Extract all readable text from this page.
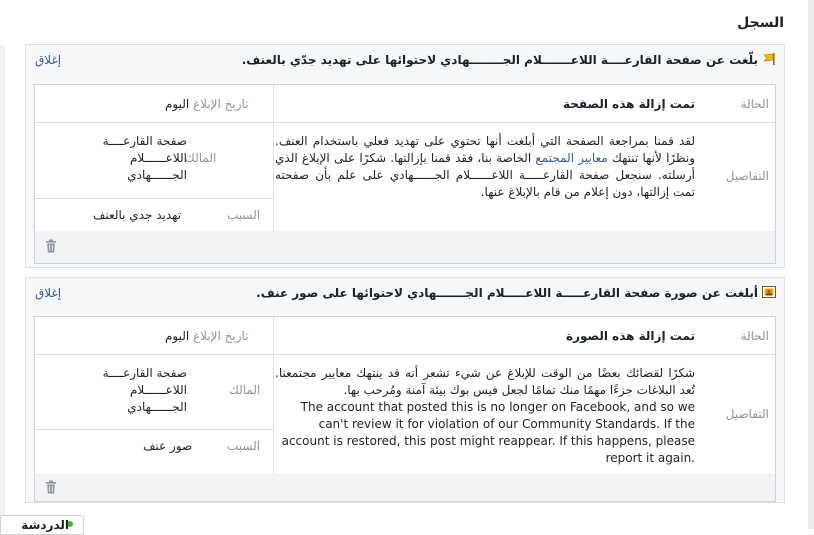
السجل
بلّغت عن صفحة القارعــــة اللاعـــــــلام الجــــــــهادي لاحتوائها على تهديد جدّي بالعنف.
إغلاق
الحالة
تمت إزالة هذه الصفحة
تاريخ الإبلاغ
اليوم
التفاصيل
لقد قمنا بمراجعة الصفحة التي أبلغت أنها تحتوي على تهديد فعلي باستخدام العنف. ونظرًا لأنها تنتهك معايير المجتمع الخاصة بنا، فقد قمنا بإزالتها. شكرًا على الإبلاغ الذي أرسلته. سنجعل صفحة القارعـــــة اللاعــــــلام الجــــــهادي على علم بأن صفحته تمت إزالتها، دون إعلام من قام بالإبلاغ عنها.
المالك
صفحة القارعــــة اللاعــــــلام الجــــــهادي
السبب
تهديد جدي بالعنف
أبلغت عن صورة صفحة القارعـــــة اللاعـــــلام الجـــــــهادي لاحتوائها على صور عنف.
إغلاق
الحالة
تمت إزالة هذه الصورة
تاريخ الإبلاغ
اليوم
التفاصيل
شكرًا لقضائك بعضًا من الوقت للإبلاغ عن شيء تشعر أنه قد ينتهك معايير مجتمعنا. تُعد البلاغات جزءًا مهمًا منك تمامًا لجعل فيس بوك بيئة آمنة ومُرحب بها.
The account that posted this is no longer on Facebook, and so we can't review it for violation of our Community Standards. If the account is restored, this post might reappear. If this happens, please report it again.
المالك
صفحة القارعــــة اللاعــــــلام الجــــــهادي
السبب
صور عنف
الدردشة
